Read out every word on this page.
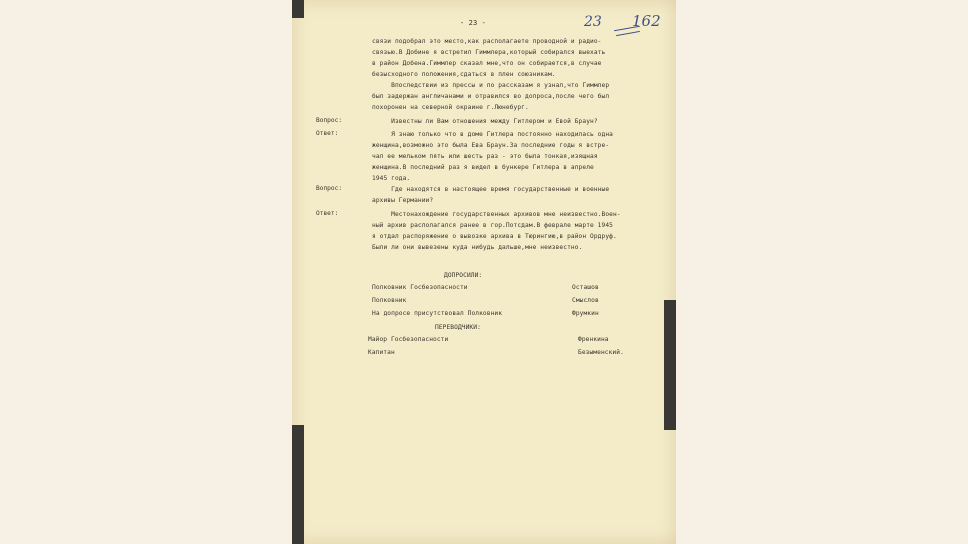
- 23 -	23 162
связи подобрал это место,как располагаете проводной и радио-
связью.В Добине я встретил Гиммлера,который собирался выехать
в район Добена.Гиммлер сказал мне,что он собирается,в случае
безысходного положения,сдаться в плен союзникам.
Впоследствии из прессы и по рассказам я узнал,что Гиммлер
был задержан англичанами и отравился во допроса,после чего был
похоронен на северной окраине г.Люнебург.
Вопрос:	Известны ли Вам отношения между Гитлером и Евой Браун?
Ответ:	Я знаю только что в доме Гитлера постоянно находилась одна
женщина,возможно это была Ева Браун.За последние годы я встре-
чал ее мельком пять или шесть раз - это была тонкая,изящная
женщина.В последний раз я видел в бункере Гитлера в апреле
1945 года.
Вопрос:	Где находятся в настоящее время государственные и военные
архивы Германии?
Ответ:	Местонахождение государственных архивов мне неизвестно.Воен-
ный архив располагался ранее в гор.Потсдам.В феврале марте 1945
я отдал распоряжение о вывозке архива в Тюрингию,в район Ордруф.
Были ли они вывезены куда нибудь дальше,мне неизвестно.
ДОПРОСИЛИ:
Полковник Госбезопасности	Осташов
Полковник	Смыслов
На допросе присутствовал Полковник	Фрумкин
ПЕРЕВОДЧИКИ:
Майор Госбезопасности	Френкина
Капитан	Безыменский.
